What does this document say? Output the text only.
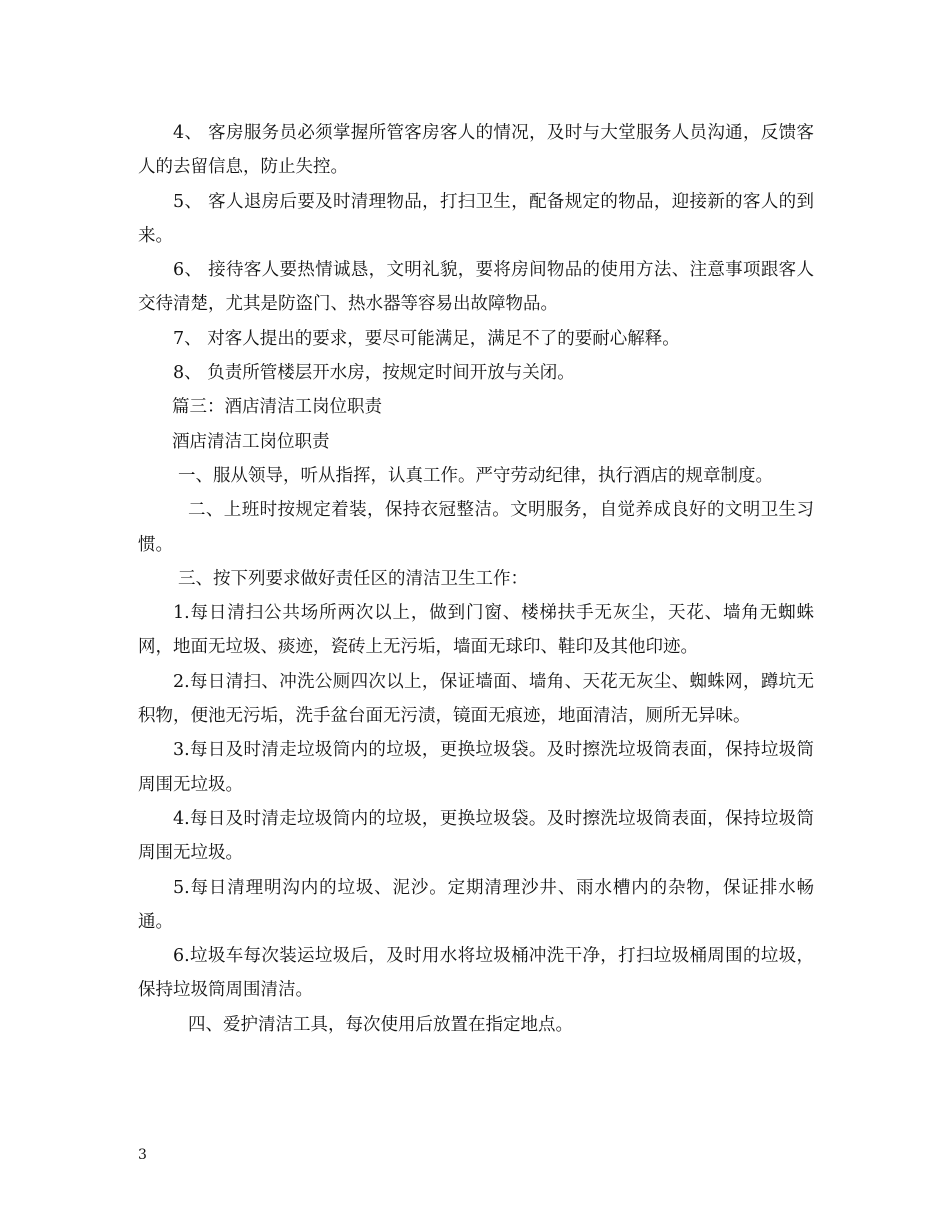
4、 客房服务员必须掌握所管客房客人的情况，及时与大堂服务人员沟通，反馈客人的去留信息，防止失控。

5、 客人退房后要及时清理物品，打扫卫生，配备规定的物品，迎接新的客人的到来。

6、 接待客人要热情诚恳，文明礼貌，要将房间物品的使用方法、注意事项跟客人交待清楚，尤其是防盗门、热水器等容易出故障物品。

7、 对客人提出的要求，要尽可能满足，满足不了的要耐心解释。

8、 负责所管楼层开水房，按规定时间开放与关闭。

篇三：酒店清洁工岗位职责

酒店清洁工岗位职责

一、服从领导，听从指挥，认真工作。严守劳动纪律，执行酒店的规章制度。

二、上班时按规定着装，保持衣冠整洁。文明服务，自觉养成良好的文明卫生习惯。

三、按下列要求做好责任区的清洁卫生工作：

1.每日清扫公共场所两次以上，做到门窗、楼梯扶手无灰尘，天花、墙角无蜘蛛网，地面无垃圾、痰迹，瓷砖上无污垢，墙面无球印、鞋印及其他印迹。

2.每日清扫、冲洗公厕四次以上，保证墙面、墙角、天花无灰尘、蜘蛛网，蹲坑无积物，便池无污垢，洗手盆台面无污渍，镜面无痕迹，地面清洁，厕所无异味。

3.每日及时清走垃圾筒内的垃圾，更换垃圾袋。及时擦洗垃圾筒表面，保持垃圾筒周围无垃圾。

4.每日及时清走垃圾筒内的垃圾，更换垃圾袋。及时擦洗垃圾筒表面，保持垃圾筒周围无垃圾。

5.每日清理明沟内的垃圾、泥沙。定期清理沙井、雨水槽内的杂物，保证排水畅通。

6.垃圾车每次装运垃圾后，及时用水将垃圾桶冲洗干净，打扫垃圾桶周围的垃圾，保持垃圾筒周围清洁。

四、爱护清洁工具，每次使用后放置在指定地点。

3
